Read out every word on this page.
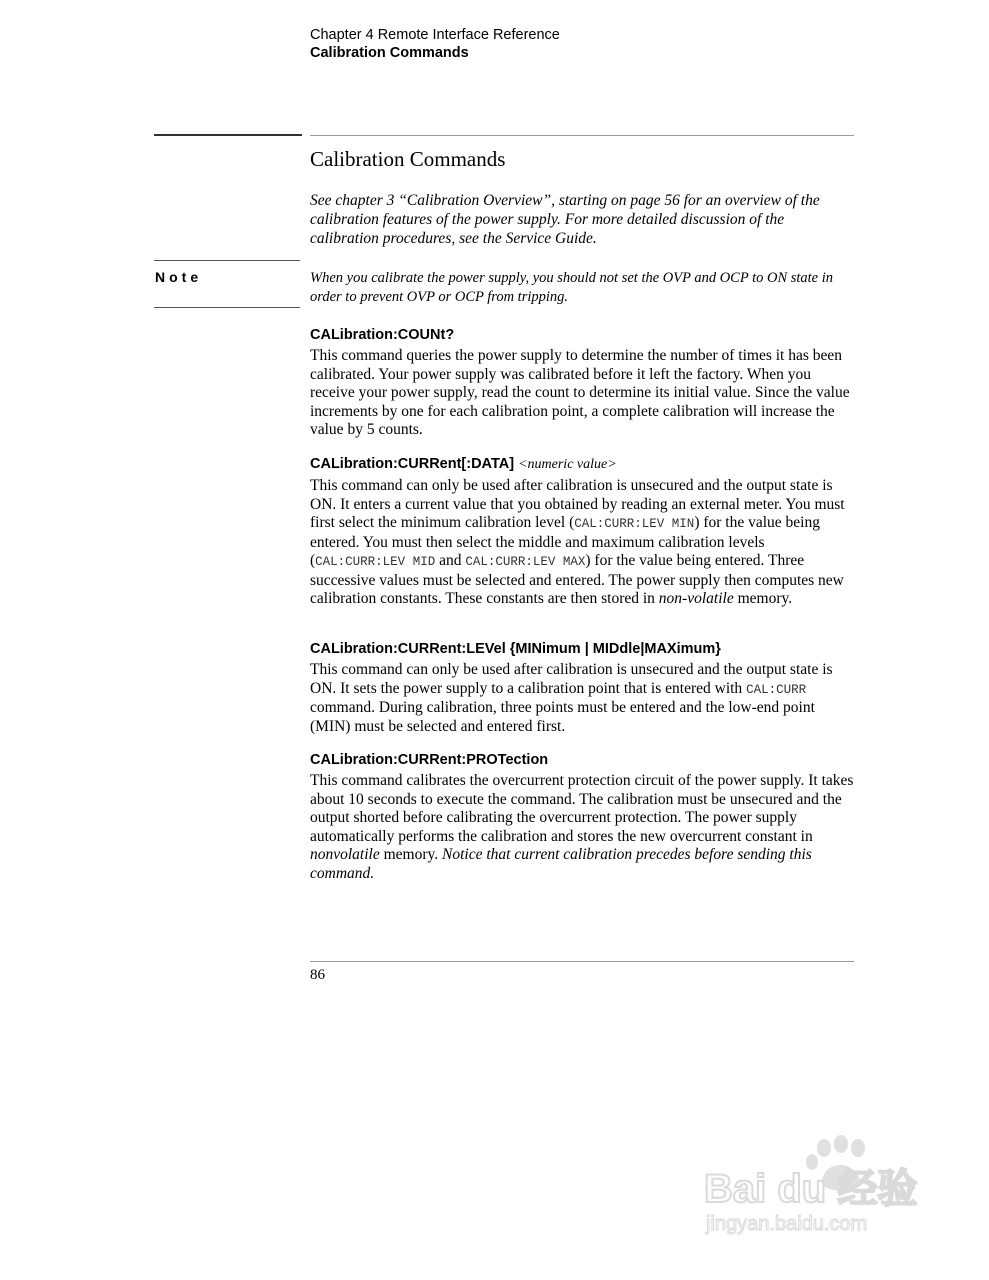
Chapter 4 Remote Interface Reference
Calibration Commands
Calibration Commands

See chapter 3 “Calibration Overview”, starting on page 56 for an overview of the calibration features of the power supply. For more detailed discussion of the calibration procedures, see the Service Guide.

Note	When you calibrate the power supply, you should not set the OVP and OCP to ON state in order to prevent OVP or OCP from tripping.

CALibration:COUNt?

This command queries the power supply to determine the number of times it has been calibrated. Your power supply was calibrated before it left the factory. When you receive your power supply, read the count to determine its initial value. Since the value increments by one for each calibration point, a complete calibration will increase the value by 5 counts.

CALibration:CURRent[:DATA] <numeric value>

This command can only be used after calibration is unsecured and the output state is ON. It enters a current value that you obtained by reading an external meter. You must first select the minimum calibration level (CAL:CURR:LEV MIN) for the value being entered. You must then select the middle and maximum calibration levels (CAL:CURR:LEV MID and CAL:CURR:LEV MAX) for the value being entered. Three successive values must be selected and entered. The power supply then computes new calibration constants. These constants are then stored in non-volatile memory.

CALibration:CURRent:LEVel {MINimum | MIDdle|MAXimum}

This command can only be used after calibration is unsecured and the output state is ON. It sets the power supply to a calibration point that is entered with CAL:CURR command. During calibration, three points must be entered and the low-end point (MIN) must be selected and entered first.

CALibration:CURRent:PROTection

This command calibrates the overcurrent protection circuit of the power supply. It takes about 10 seconds to execute the command. The calibration must be unsecured and the output shorted before calibrating the overcurrent protection. The power supply automatically performs the calibration and stores the new overcurrent constant in nonvolatile memory. Notice that current calibration precedes before sending this command.

86
Bai du 经验
jingyan.baidu.com
